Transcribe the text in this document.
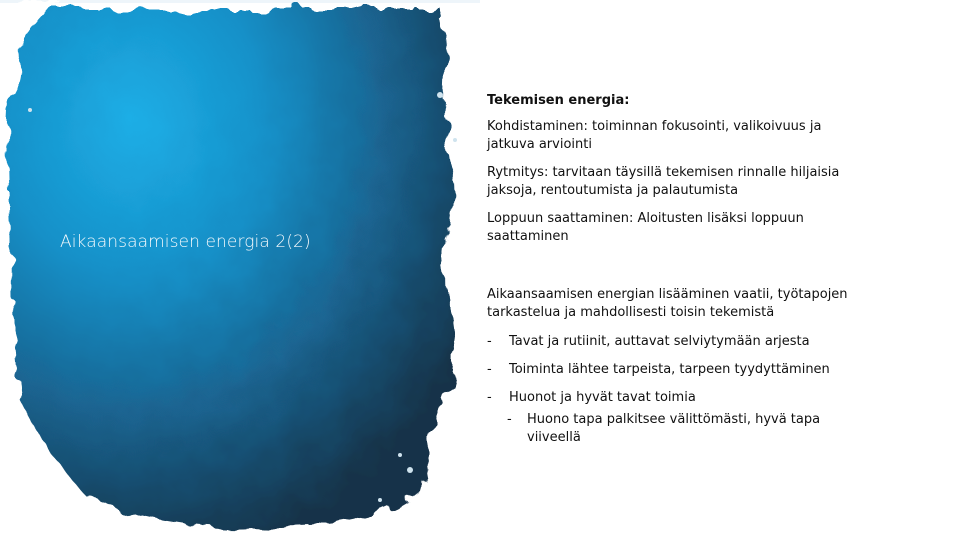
Aikaansaamisen energia 2(2)

Tekemisen energia:

Kohdistaminen: toiminnan fokusointi, valikoivuus ja jatkuva arviointi

Rytmitys: tarvitaan täysillä tekemisen rinnalle hiljaisia jaksoja, rentoutumista ja palautumista

Loppuun saattaminen: Aloitusten lisäksi loppuun saattaminen

Aikaansaamisen energian lisääminen vaatii, työtapojen tarkastelua ja mahdollisesti toisin tekemistä

-	Tavat ja rutiinit, auttavat selviytymään arjesta
-	Toiminta lähtee tarpeista, tarpeen tyydyttäminen
-	Huonot ja hyvät tavat toimia
-	Huono tapa palkitsee välittömästi, hyvä tapa viiveellä
